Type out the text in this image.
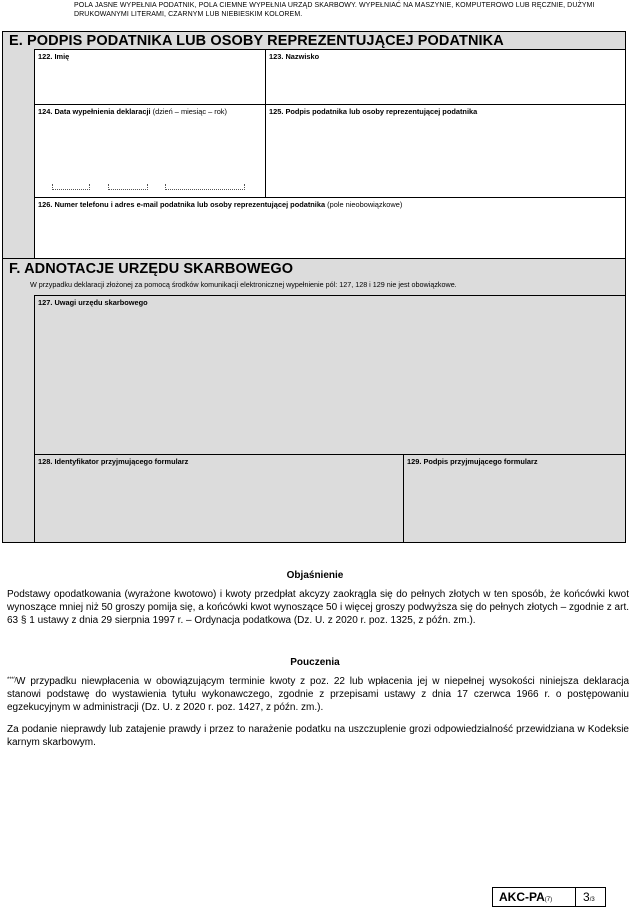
POLA JASNE WYPEŁNIA PODATNIK, POLA CIEMNE WYPEŁNIA URZĄD SKARBOWY. WYPEŁNIAĆ NA MASZYNIE, KOMPUTEROWO LUB RĘCZNIE, DUŻYMI DRUKOWANYMI LITERAMI, CZARNYM LUB NIEBIESKIM KOLOREM.
E. PODPIS PODATNIKA LUB OSOBY REPREZENTUJĄCEJ PODATNIKA
122. Imię	123. Nazwisko
124. Data wypełnienia deklaracji (dzień – miesiąc – rok)	125. Podpis podatnika lub osoby reprezentującej podatnika
126. Numer telefonu i adres e-mail podatnika lub osoby reprezentującej podatnika (pole nieobowiązkowe)
F. ADNOTACJE URZĘDU SKARBOWEGO
W przypadku deklaracji złożonej za pomocą środków komunikacji elektronicznej wypełnienie pól: 127, 128 i 129 nie jest obowiązkowe.
127. Uwagi urzędu skarbowego
128. Identyfikator przyjmującego formularz	129. Podpis przyjmującego formularz
Objaśnienie
Podstawy opodatkowania (wyrażone kwotowo) i kwoty przedpłat akcyzy zaokrągla się do pełnych złotych w ten sposób, że końcówki kwot wynoszące mniej niż 50 groszy pomija się, a końcówki kwot wynoszące 50 i więcej groszy podwyższa się do pełnych złotych – zgodnie z art. 63 § 1 ustawy z dnia 29 sierpnia 1997 r. – Ordynacja podatkowa (Dz. U. z 2020 r. poz. 1325, z późn. zm.).
Pouczenia
***)W przypadku niewpłacenia w obowiązującym terminie kwoty z poz. 22 lub wpłacenia jej w niepełnej wysokości niniejsza deklaracja stanowi podstawę do wystawienia tytułu wykonawczego, zgodnie z przepisami ustawy z dnia 17 czerwca 1966 r. o postępowaniu egzekucyjnym w administracji (Dz. U. z 2020 r. poz. 1427, z późn. zm.).
Za podanie nieprawdy lub zatajenie prawdy i przez to narażenie podatku na uszczuplenie grozi odpowiedzialność przewidziana w Kodeksie karnym skarbowym.
AKC-PA(7)	3/3
